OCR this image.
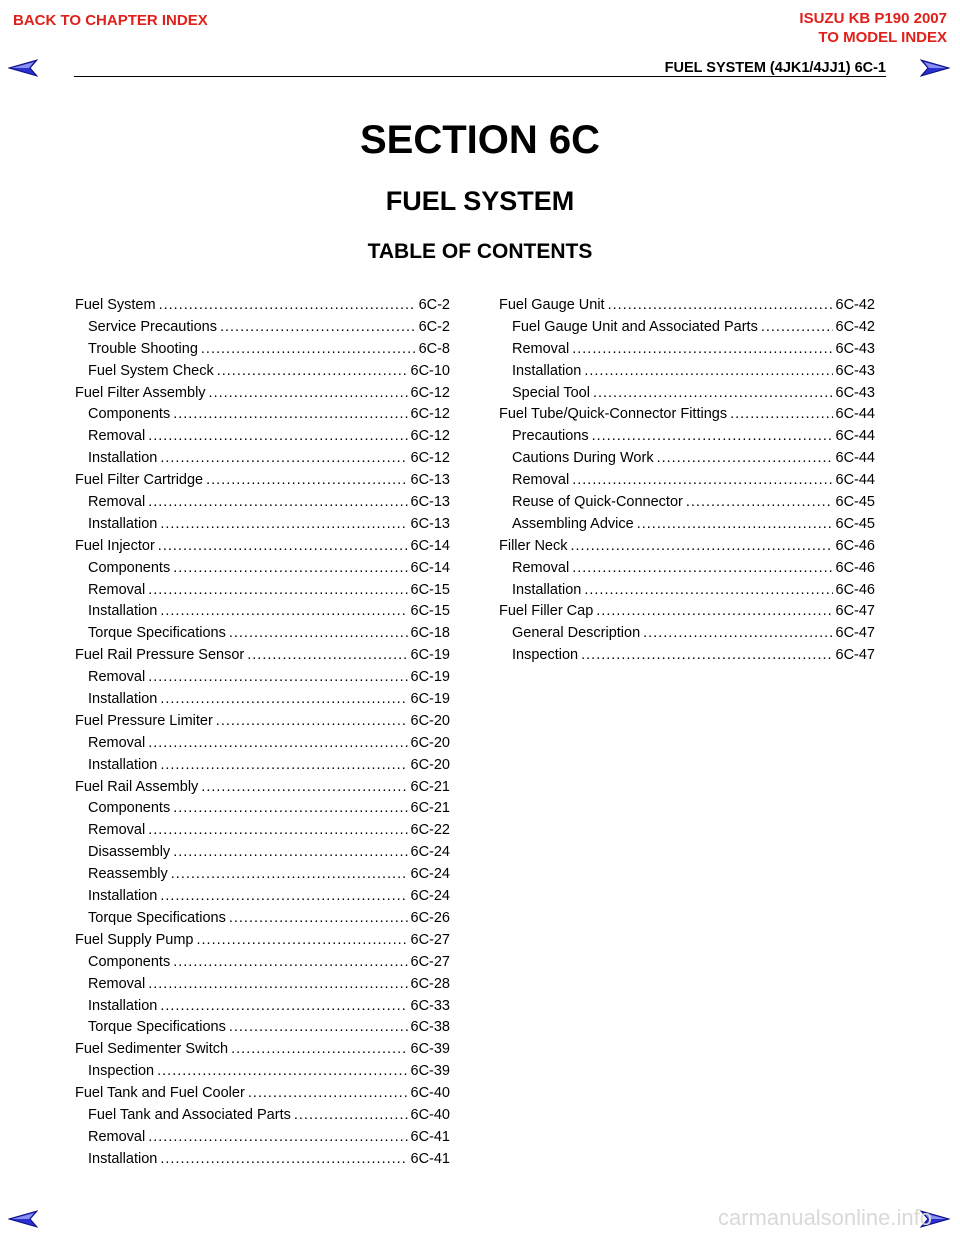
BACK TO CHAPTER INDEX	ISUZU KB P190 2007
TO MODEL INDEX
FUEL SYSTEM (4JK1/4JJ1) 6C-1
SECTION 6C
FUEL SYSTEM
TABLE OF CONTENTS
Fuel System .....	6C-2
Service Precautions .....	6C-2
Trouble Shooting .....	6C-8
Fuel System Check .....	6C-10
Fuel Filter Assembly .....	6C-12
Components .....	6C-12
Removal .....	6C-12
Installation .....	6C-12
Fuel Filter Cartridge .....	6C-13
Removal .....	6C-13
Installation .....	6C-13
Fuel Injector .....	6C-14
Components .....	6C-14
Removal .....	6C-15
Installation .....	6C-15
Torque Specifications .....	6C-18
Fuel Rail Pressure Sensor .....	6C-19
Removal .....	6C-19
Installation .....	6C-19
Fuel Pressure Limiter .....	6C-20
Removal .....	6C-20
Installation .....	6C-20
Fuel Rail Assembly .....	6C-21
Components .....	6C-21
Removal .....	6C-22
Disassembly .....	6C-24
Reassembly .....	6C-24
Installation .....	6C-24
Torque Specifications .....	6C-26
Fuel Supply Pump .....	6C-27
Components .....	6C-27
Removal .....	6C-28
Installation .....	6C-33
Torque Specifications .....	6C-38
Fuel Sedimenter Switch .....	6C-39
Inspection .....	6C-39
Fuel Tank and Fuel Cooler .....	6C-40
Fuel Tank and Associated Parts .....	6C-40
Removal .....	6C-41
Installation .....	6C-41
Fuel Gauge Unit .....	6C-42
Fuel Gauge Unit and Associated Parts .....	6C-42
Removal .....	6C-43
Installation .....	6C-43
Special Tool .....	6C-43
Fuel Tube/Quick-Connector Fittings .....	6C-44
Precautions .....	6C-44
Cautions During Work .....	6C-44
Removal .....	6C-44
Reuse of Quick-Connector .....	6C-45
Assembling Advice .....	6C-45
Filler Neck .....	6C-46
Removal .....	6C-46
Installation .....	6C-46
Fuel Filler Cap .....	6C-47
General Description .....	6C-47
Inspection .....	6C-47
carmanualsonline.info
